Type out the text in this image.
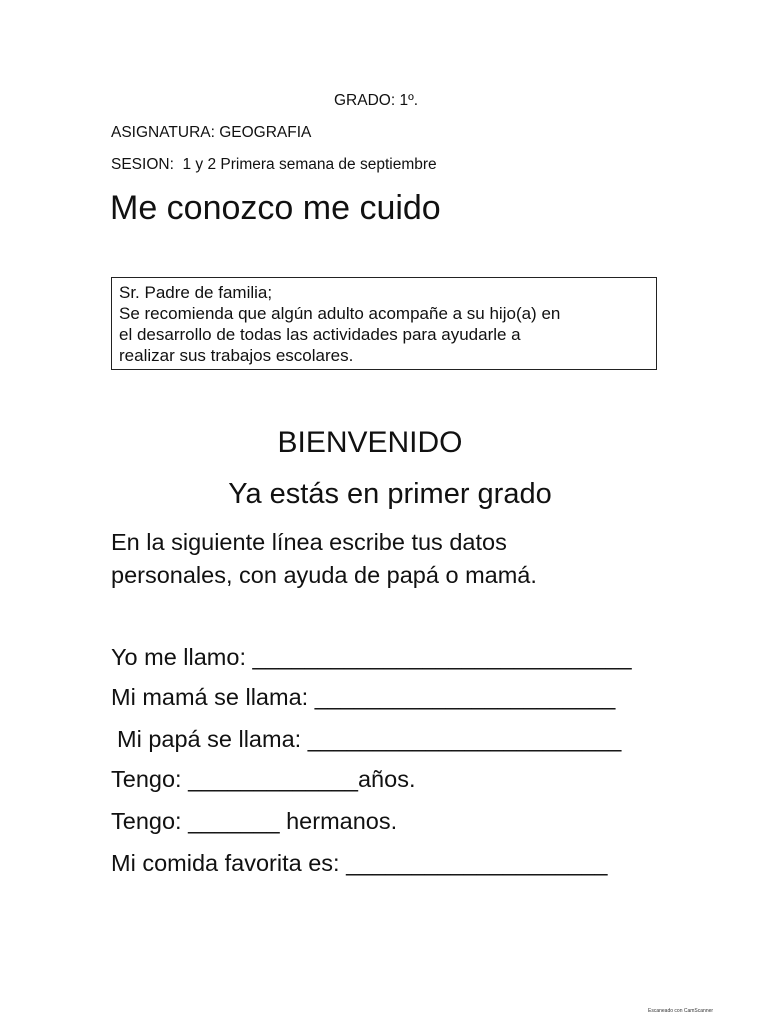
GRADO: 1º.
ASIGNATURA: GEOGRAFIA
SESION:  1 y 2 Primera semana de septiembre
Me conozco me cuido
Sr. Padre de familia;
Se recomienda que algún adulto acompañe a su hijo(a) en
el desarrollo de todas las actividades para ayudarle a
realizar sus trabajos escolares.
BIENVENIDO
Ya estás en primer grado
En la siguiente línea escribe tus datos
personales, con ayuda de papá o mamá.
Yo me llamo: _____________________________
Mi mamá se llama: _______________________
Mi papá se llama: ________________________
Tengo: _____________años.
Tengo: _______ hermanos.
Mi comida favorita es: ____________________
Escaneado con CamScanner
